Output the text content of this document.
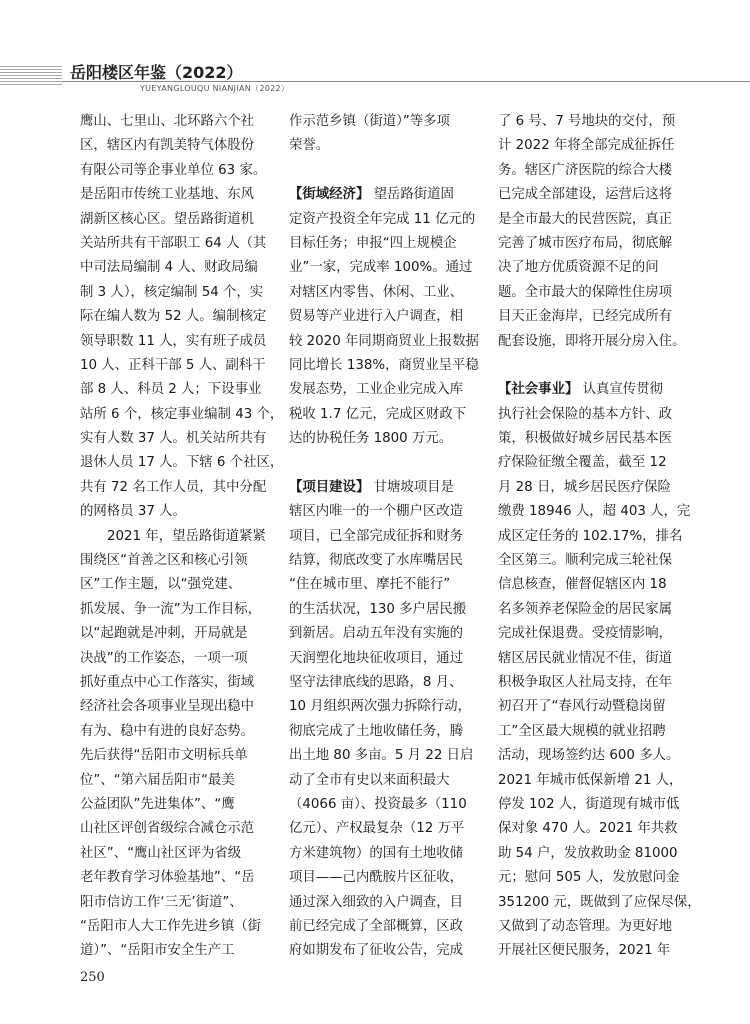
岳阳楼区年鉴（2022）
YUEYANGLOUQU NIANJIAN（2022）
鹰山、七里山、北环路六个社
区，辖区内有凯美特气体股份
有限公司等企事业单位 63 家。
是岳阳市传统工业基地、东风
湖新区核心区。望岳路街道机
关站所共有干部职工 64 人（其
中司法局编制 4 人、财政局编
制 3 人），核定编制 54 个，实
际在编人数为 52 人。编制核定
领导职数 11 人，实有班子成员
10 人、正科干部 5 人、副科干
部 8 人、科员 2 人；下设事业
站所 6 个，核定事业编制 43 个，
实有人数 37 人。机关站所共有
退休人员 17 人。下辖 6 个社区，
共有 72 名工作人员，其中分配
的网格员 37 人。
2021 年，望岳路街道紧紧
围绕区“首善之区和核心引领
区”工作主题，以“强党建、
抓发展、争一流”为工作目标，
以“起跑就是冲刺，开局就是
决战”的工作姿态，一项一项
抓好重点中心工作落实，街域
经济社会各项事业呈现出稳中
有为、稳中有进的良好态势。
先后获得“岳阳市文明标兵单
位”、“第六届岳阳市“最美
公益团队”先进集体”、“鹰
山社区评创省级综合减仓示范
社区”、“鹰山社区评为省级
老年教育学习体验基地”、“岳
阳市信访工作‘三无’街道”、
“岳阳市人大工作先进乡镇（街
道）”、“岳阳市安全生产工
作示范乡镇（街道）”等多项
荣誉。
【街域经济】 望岳路街道固
定资产投资全年完成 11 亿元的
目标任务；申报“四上规模企
业”一家，完成率 100%。通过
对辖区内零售、休闲、工业、
贸易等产业进行入户调查，相
较 2020 年同期商贸业上报数据
同比增长 138%，商贸业呈平稳
发展态势，工业企业完成入库
税收 1.7 亿元，完成区财政下
达的协税任务 1800 万元。
【项目建设】 甘塘坡项目是
辖区内唯一的一个棚户区改造
项目，已全部完成征拆和财务
结算，彻底改变了水库嘴居民
“住在城市里、摩托不能行”
的生活状况，130 多户居民搬
到新居。启动五年没有实施的
天润塑化地块征收项目，通过
坚守法律底线的思路，8 月、
10 月组织两次强力拆除行动，
彻底完成了土地收储任务，腾
出土地 80 多亩。5 月 22 日启
动了全市有史以来面积最大
（4066 亩）、投资最多（110
亿元）、产权最复杂（12 万平
方米建筑物）的国有土地收储
项目——己内酰胺片区征收，
通过深入细致的入户调查，目
前已经完成了全部概算，区政
府如期发布了征收公告，完成
了 6 号、7 号地块的交付，预
计 2022 年将全部完成征拆任
务。辖区广济医院的综合大楼
已完成全部建设，运营后这将
是全市最大的民营医院，真正
完善了城市医疗布局，彻底解
决了地方优质资源不足的问
题。全市最大的保障性住房项
目天正金海岸，已经完成所有
配套设施，即将开展分房入住。
【社会事业】 认真宣传贯彻
执行社会保险的基本方针、政
策，积极做好城乡居民基本医
疗保险征缴全覆盖，截至 12
月 28 日，城乡居民医疗保险
缴费 18946 人，超 403 人，完
成区定任务的 102.17%，排名
全区第三。顺利完成三轮社保
信息核查，催督促辖区内 18
名多领养老保险金的居民家属
完成社保退费。受疫情影响，
辖区居民就业情况不佳，街道
积极争取区人社局支持，在年
初召开了“春风行动暨稳岗留
工”全区最大规模的就业招聘
活动，现场签约达 600 多人。
2021 年城市低保新增 21 人，
停发 102 人，街道现有城市低
保对象 470 人。2021 年共救
助 54 户，发放救助金 81000
元；慰问 505 人，发放慰问金
351200 元，既做到了应保尽保，
又做到了动态管理。为更好地
开展社区便民服务，2021 年
250
